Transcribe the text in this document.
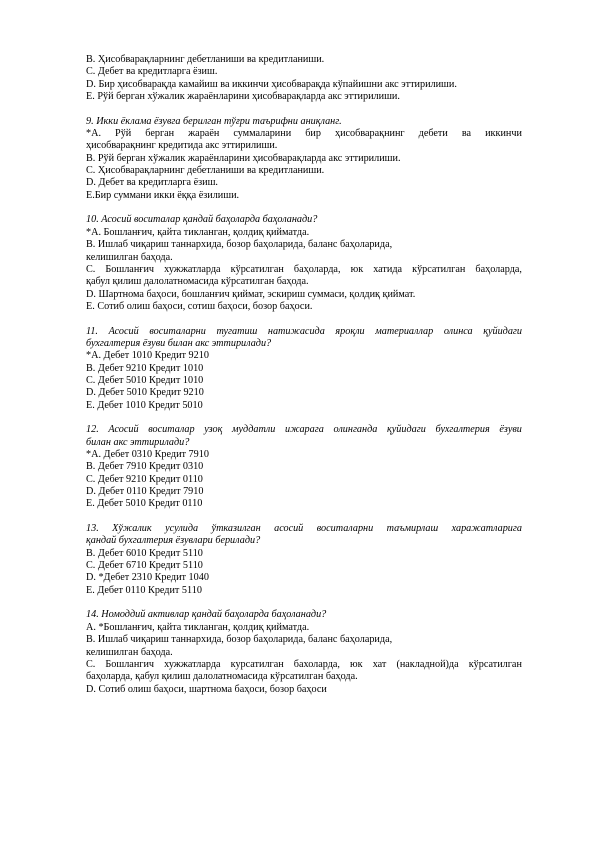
B. Ҳисобварақларнинг дебетланиши ва кредитланиши.
C. Дебет ва кредитларга ёзиш.
D. Бир ҳисобварақда камайиш ва иккинчи ҳисобварақда кўпайишни акс эттирилиши.
E. Рўй берган хўжалик жараёнларини ҳисобварақларда акс эттирилиши.
9. Икки ёклама ёзувга берилган тўғри таърифни аниқланг.
*А. Рўй берган жараён суммаларини бир ҳисобварақнинг дебети ва иккинчи
ҳисобварақнинг кредитида акс эттирилиши.
B. Рўй берган хўжалик жараёнларини ҳисобварақларда акс эттирилиши.
C. Ҳисобварақларнинг дебетланиши ва кредитланиши.
D. Дебет ва кредитларга ёзиш.
E.Бир суммани икки ёққа ёзилиши.
10. Асосий воситалар қандай баҳоларда баҳоланади?
*А. Бошланғич, қайта тикланган, қолдиқ қийматда.
B. Ишлаб чиқариш таннархида, бозор баҳоларида, баланс баҳоларида,
келишилган баҳода.
C. Бошланғич хужжатларда кўрсатилган баҳоларда, юк хатида кўрсатилган баҳоларда,
қабул қилиш далолатномасида кўрсатилган баҳода.
D. Шартнома баҳоси, бошланғич қиймат, эскириш суммаси, қолдиқ қиймат.
E. Сотиб олиш баҳоси, сотиш баҳоси, бозор баҳоси.
11. Асосий воситаларни тугатиш натижасида яроқли материаллар олинса қуйидаги
бухгалтерия ёзуви билан акс эттирилади?
*А. Дебет 1010 Кредит 9210
B. Дебет 9210 Кредит 1010
C. Дебет 5010 Кредит 1010
D. Дебет 5010 Кредит 9210
E. Дебет 1010 Кредит 5010
12. Асосий воситалар узоқ муддатли ижарага олинганда қуйидаги бухгалтерия ёзуви
билан акс эттирилади?
*А. Дебет 0310 Кредит 7910
B. Дебет 7910 Кредит 0310
C. Дебет 9210 Кредит 0110
D. Дебет 0110 Кредит 7910
E. Дебет 5010 Кредит 0110
13. Хўжалик усулида ўтказилган асосий воситаларни таъмирлаш харажатларига
қандай бухгалтерия ёзувлари берилади?
B. Дебет 6010 Кредит 5110
C. Дебет 6710 Кредит 5110
D. *Дебет 2310 Кредит 1040
E. Дебет 0110 Кредит 5110
14. Номоддий активлар қандай баҳоларда баҳоланади?
А. *Бошланғич, қайта тикланган, қолдиқ қийматда.
B. Ишлаб чиқариш таннархида, бозор баҳоларида, баланс баҳоларида,
келишилган баҳода.
C. Бошлангич хужжатларда курсатилган бахоларда, юк хат (накладной)да кўрсатилган
баҳоларда, қабул қилиш далолатномасида кўрсатилган баҳода.
D. Сотиб олиш баҳоси, шартнома баҳоси, бозор баҳоси
